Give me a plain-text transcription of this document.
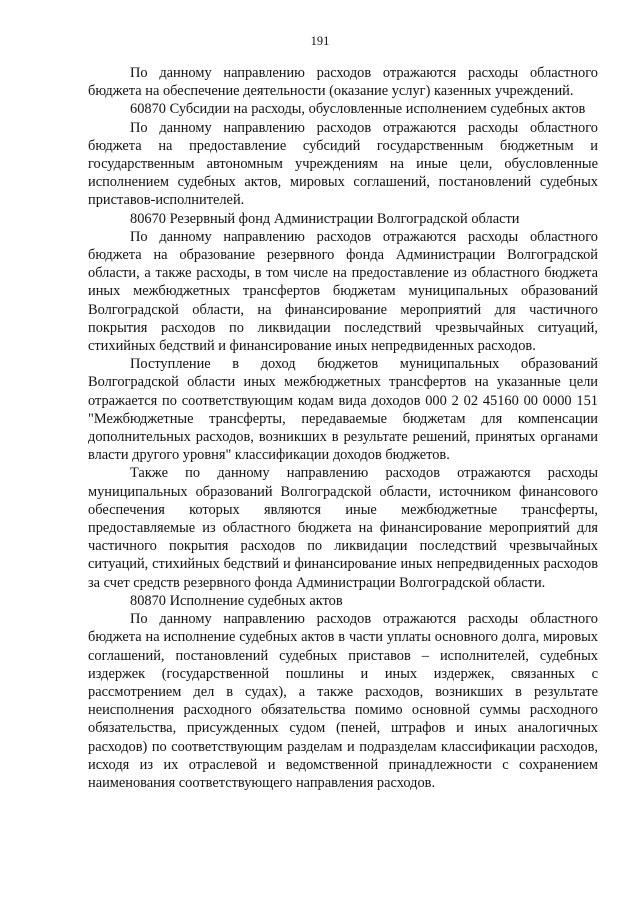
191

По данному направлению расходов отражаются расходы областного бюджета на обеспечение деятельности (оказание услуг) казенных учреждений.

60870 Субсидии на расходы, обусловленные исполнением судебных актов

По данному направлению расходов отражаются расходы областного бюджета на предоставление субсидий государственным бюджетным и государственным автономным учреждениям на иные цели, обусловленные исполнением судебных актов, мировых соглашений, постановлений судебных приставов-исполнителей.

80670 Резервный фонд Администрации Волгоградской области

По данному направлению расходов отражаются расходы областного бюджета на образование резервного фонда Администрации Волгоградской области, а также расходы, в том числе на предоставление из областного бюджета иных межбюджетных трансфертов бюджетам муниципальных образований Волгоградской области, на финансирование мероприятий для частичного покрытия расходов по ликвидации последствий чрезвычайных ситуаций, стихийных бедствий и финансирование иных непредвиденных расходов.

Поступление в доход бюджетов муниципальных образований Волгоградской области иных межбюджетных трансфертов на указанные цели отражается по соответствующим кодам вида доходов 000 2 02 45160 00 0000 151 "Межбюджетные трансферты, передаваемые бюджетам для компенсации дополнительных расходов, возникших в результате решений, принятых органами власти другого уровня" классификации доходов бюджетов.

Также по данному направлению расходов отражаются расходы муниципальных образований Волгоградской области, источником финансового обеспечения которых являются иные межбюджетные трансферты, предоставляемые из областного бюджета на финансирование мероприятий для частичного покрытия расходов по ликвидации последствий чрезвычайных ситуаций, стихийных бедствий и финансирование иных непредвиденных расходов за счет средств резервного фонда Администрации Волгоградской области.

80870 Исполнение судебных актов

По данному направлению расходов отражаются расходы областного бюджета на исполнение судебных актов в части уплаты основного долга, мировых соглашений, постановлений судебных приставов – исполнителей, судебных издержек (государственной пошлины и иных издержек, связанных с рассмотрением дел в судах), а также расходов, возникших в результате неисполнения расходного обязательства помимо основной суммы расходного обязательства, присужденных судом (пеней, штрафов и иных аналогичных расходов) по соответствующим разделам и подразделам классификации расходов, исходя из их отраслевой и ведомственной принадлежности с сохранением наименования соответствующего направления расходов.
